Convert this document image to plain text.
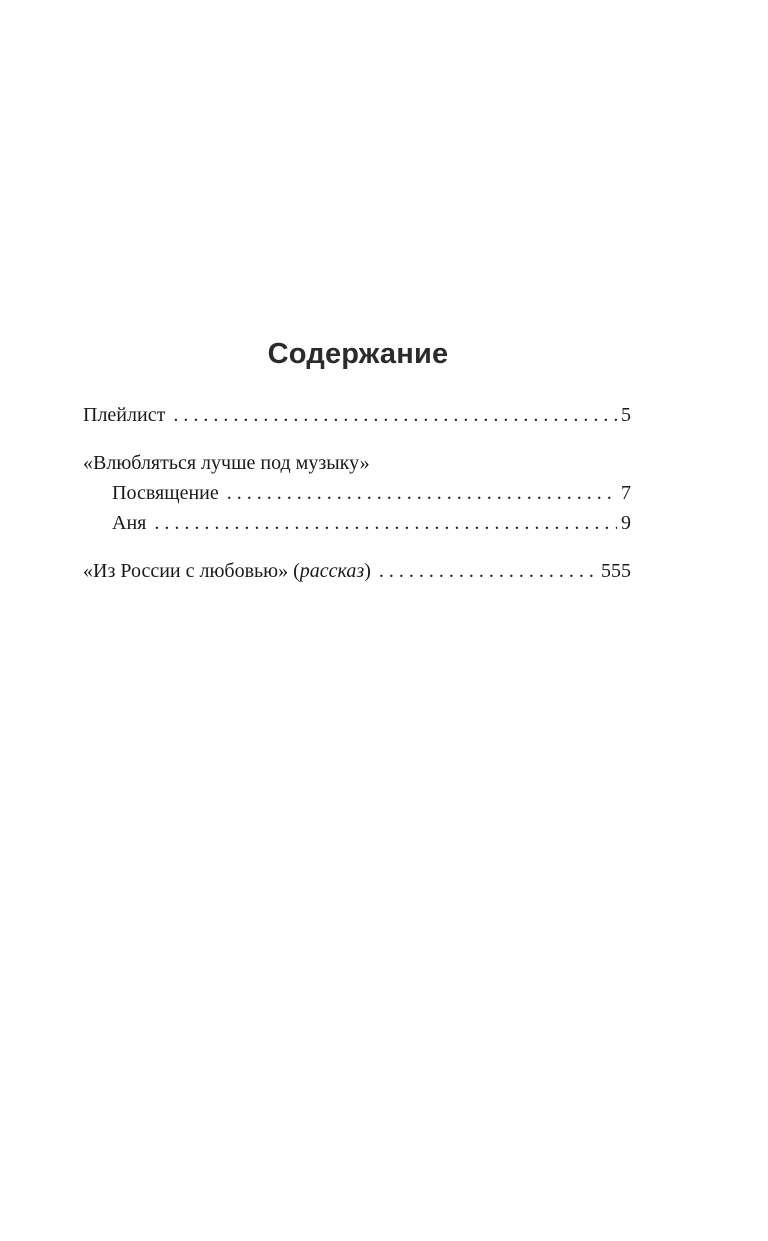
Содержание
Плейлист . . .	5
«Влюбляться лучше под музыку»
Посвящение . . .	7
Аня . . .	9
«Из России с любовью» (рассказ) . . .	555
